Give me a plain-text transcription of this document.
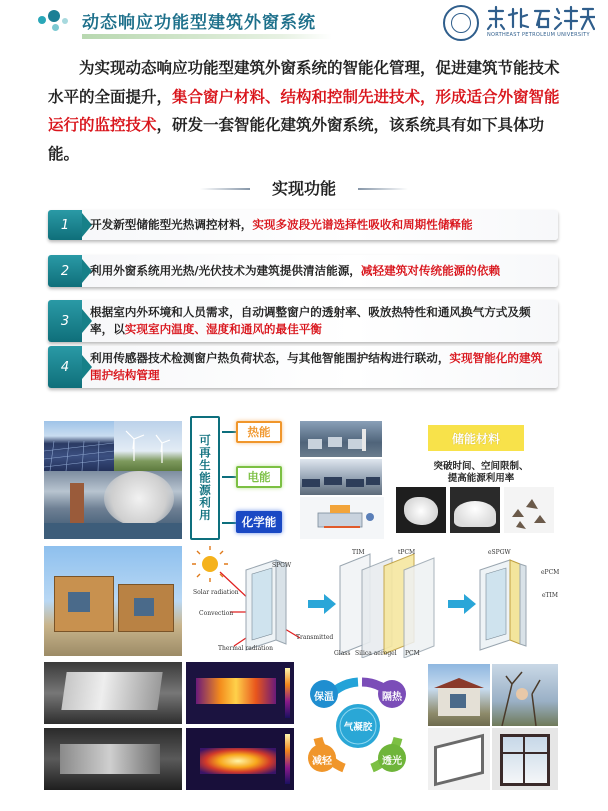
动态响应功能型建筑外窗系统
NORTHEAST PETROLEUM UNIVERSITY

为实现动态响应功能型建筑外窗系统的智能化管理，促进建筑节能技术水平的全面提升，集合窗户材料、结构和控制先进技术，形成适合外窗智能运行的监控技术，研发一套智能化建筑外窗系统，该系统具有如下具体功能。

实现功能
1	开发新型储能型光热调控材料，实现多波段光谱选择性吸收和周期性储释能
2	利用外窗系统用光热/光伏技术为建筑提供清洁能源，减轻建筑对传统能源的依赖
3
根据室内外环境和人员需求，自动调整窗户的透射率、吸放热特性和通风换气方式及频率，以实现室内温度、湿度和通风的最佳平衡
4
利用传感器技术检测窗户热负荷状态，与其他智能围护结构进行联动，实现智能化的建筑围护结构管理
可再生能源利用
热能
电能
化学能
储能材料
突破时间、空间限制、
提高能源利用率
Solar radiation
Convection
Thermal radiation
Transmitted
SPGW
TIM	tPCM
Glass Silica aerogel PCM
eSPGW
ePCM
eTIM
气凝胶
保温	隔热
减轻	透光
